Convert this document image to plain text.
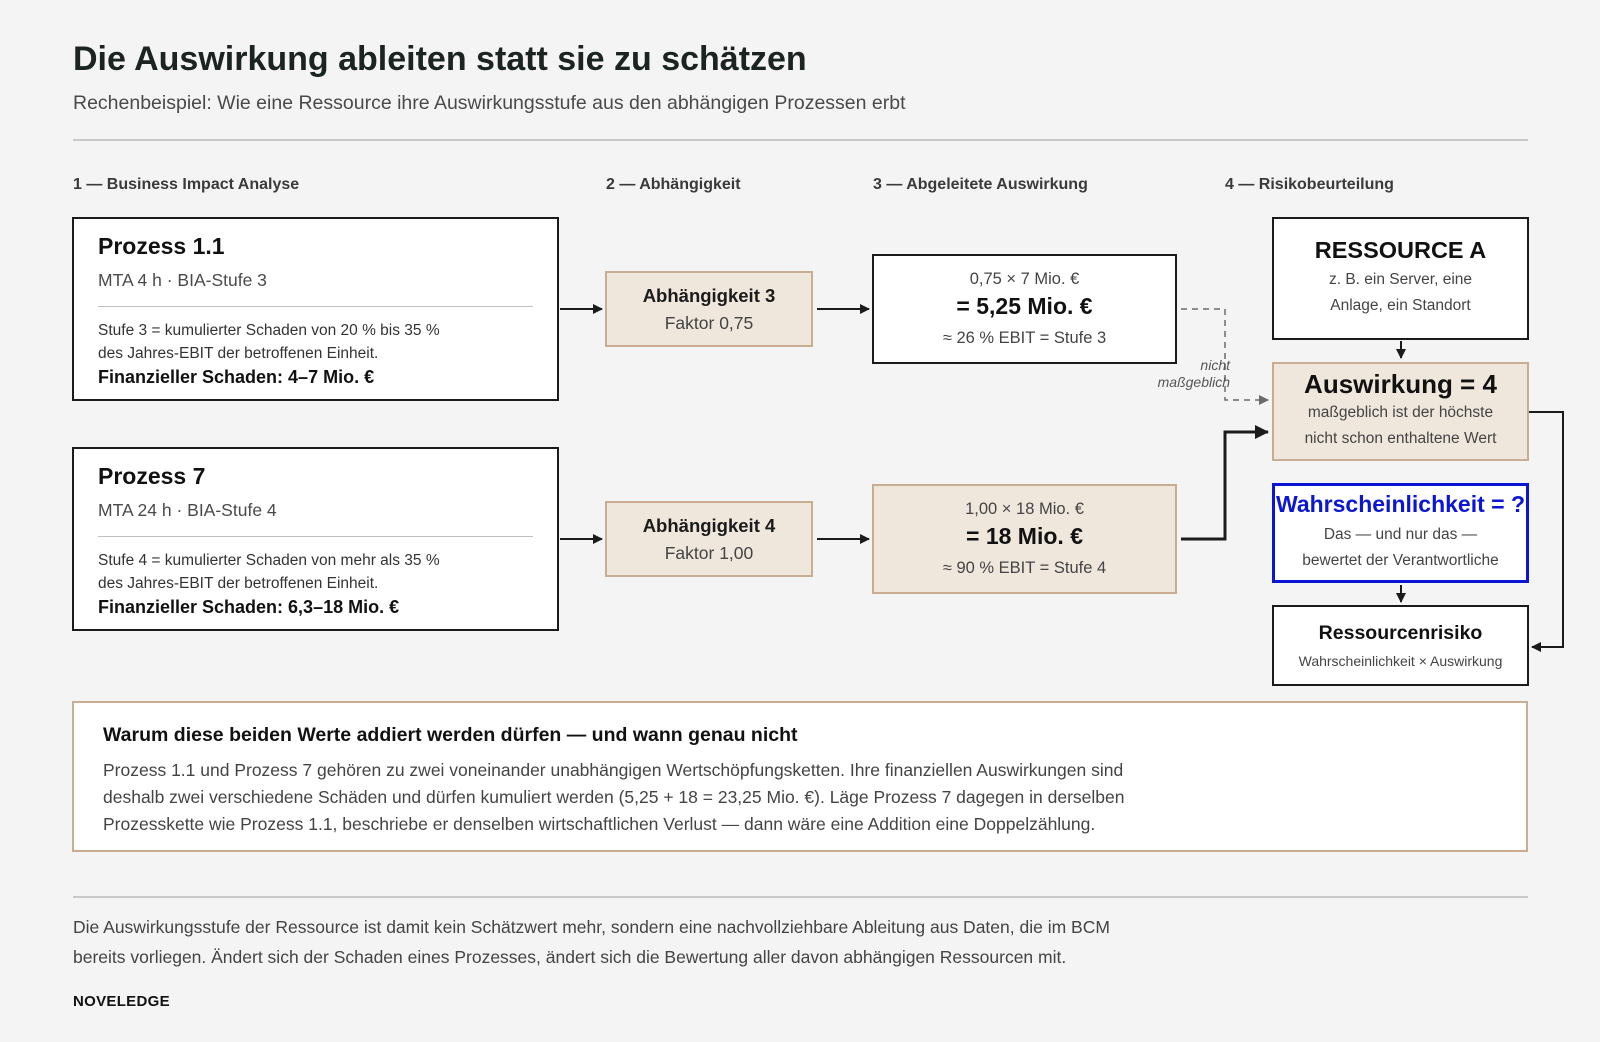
Die Auswirkung ableiten statt sie zu schätzen
Rechenbeispiel: Wie eine Ressource ihre Auswirkungsstufe aus den abhängigen Prozessen erbt
1 — Business Impact Analyse	2 — Abhängigkeit	3 — Abgeleitete Auswirkung	4 — Risikobeurteilung
nicht
maßgeblich
Prozess 1.1
MTA 4 h · BIA-Stufe 3
Stufe 3 = kumulierter Schaden von 20 % bis 35 %
des Jahres-EBIT der betroffenen Einheit.
Finanzieller Schaden: 4–7 Mio. €
Prozess 7
MTA 24 h · BIA-Stufe 4
Stufe 4 = kumulierter Schaden von mehr als 35 %
des Jahres-EBIT der betroffenen Einheit.
Finanzieller Schaden: 6,3–18 Mio. €
Abhängigkeit 3
Faktor 0,75
Abhängigkeit 4
Faktor 1,00
0,75 × 7 Mio. €
= 5,25 Mio. €
≈ 26 % EBIT = Stufe 3
1,00 × 18 Mio. €
= 18 Mio. €
≈ 90 % EBIT = Stufe 4
RESSOURCE A
z. B. ein Server, eine
Anlage, ein Standort
Auswirkung = 4
maßgeblich ist der höchste
nicht schon enthaltene Wert
Wahrscheinlichkeit = ?
Das — und nur das —
bewertet der Verantwortliche
Ressourcenrisiko
Wahrscheinlichkeit × Auswirkung
Warum diese beiden Werte addiert werden dürfen — und wann genau nicht
Prozess 1.1 und Prozess 7 gehören zu zwei voneinander unabhängigen Wertschöpfungsketten. Ihre finanziellen Auswirkungen sind
deshalb zwei verschiedene Schäden und dürfen kumuliert werden (5,25 + 18 = 23,25 Mio. €). Läge Prozess 7 dagegen in derselben
Prozesskette wie Prozess 1.1, beschriebe er denselben wirtschaftlichen Verlust — dann wäre eine Addition eine Doppelzählung.
Die Auswirkungsstufe der Ressource ist damit kein Schätzwert mehr, sondern eine nachvollziehbare Ableitung aus Daten, die im BCM
bereits vorliegen. Ändert sich der Schaden eines Prozesses, ändert sich die Bewertung aller davon abhängigen Ressourcen mit.
NOVELEDGE
